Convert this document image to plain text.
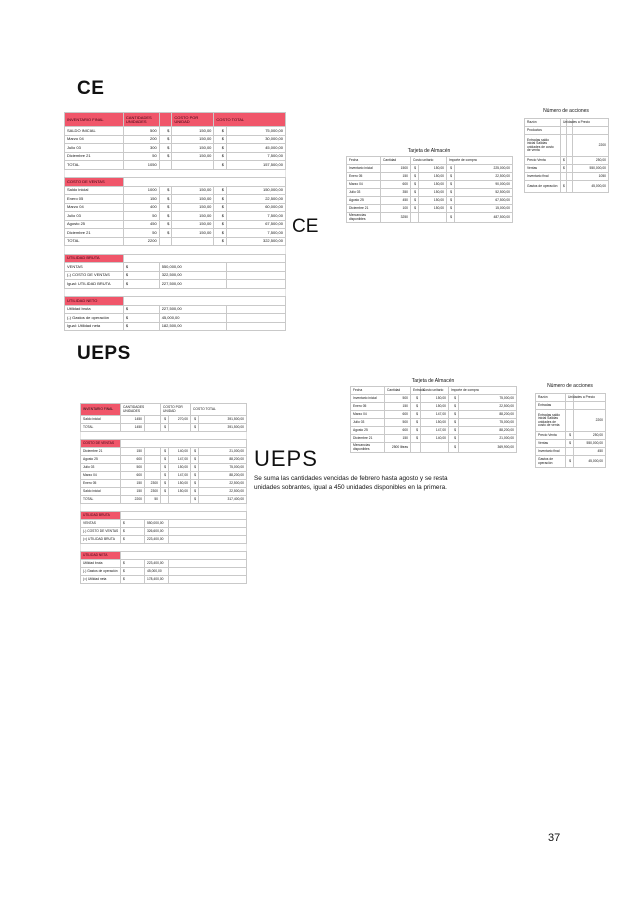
CE
UEPS
INVENTARIO FINAL	CANTIDADES UNIDADES		COSTO POR UNIDAD	COSTO TOTAL	
SALDO INICIAL	500	$	150,00	$	75,000,00
Marzo 04	200	$	150,00	$	30,000,00
Julio 03	300	$	150,00	$	45,000,00
Diciembre 21	50	$	150,00	$	7,500,00
TOTAL	1050			$	157,500,00

COSTO DE VENTAS					
Saldo inicial	1000	$	150,00	$	150,000,00
Enero 05	150	$	150,00	$	22,500,00
Marzo 04	400	$	150,00	$	60,000,00
Julio 03	50	$	150,00	$	7,500,00
Agosto 25	450	$	150,00	$	67,500,00
Diciembre 21	50	$	150,00	$	7,500,00
TOTAL	2200			$	322,500,00

UTILIDAD BRUTA					
VENTAS	$	550,000,00			
(-) COSTO DE VENTAS	$	322,500,00			
Igual: UTILIDAD BRUTA	$	227,500,00			

UTILIDAD NETO					
Utilidad bruta	$	227,500,00			
(-) Gastos de operación	$	45,000,00			
Igual: Utilidad neta	$	182,500,00			
CE
Tarjeta de Almacén
Fecha	Cantidad	Costo unitario		Importe de compra	
Inventario inicial	1500	$	150,00	$	225,000,00
Enero 05	150	$	150,00	$	22,500,00
Marzo 04	600	$	150,00	$	90,000,00
Julio 03	350	$	150,00	$	52,500,00
Agosto 25	450	$	150,00	$	67,500,00
Diciembre 21	100	$	150,00	$	15,000,00
Mercancías disponibles	3250			$	487,500,00
Número de acciones
Razón	Unidades a Precio		
Productos			
Entradas saldo inicial Salidas unidades de costo de venta			2200
Precio Venta	$		250,00
Ventas	$		550,000,00
Inventario final			1050
Gastos de operación	$		45,000,00
INVENTARIO FINAL	CANTIDADES UNIDADES		COSTO POR UNIDAD		COSTO TOTAL	
Saldo inicial	1450		$	270,00	$	391,500,00
TOTAL	1450		$		$	391,500,00

COSTO DE VENTAS						
Diciembre 21	150		$	140,00	$	21,000,00
Agosto 25	600		$	147,00	$	88,200,00
Julio 03	500		$	150,00	$	75,000,00
Marzo 04	600		$	147,00	$	88,200,00
Enero 05	150	2300	$	150,00	$	22,500,00
Saldo inicial	150	2300	$	150,00	$	22,500,00
TOTAL	2200	50			$	317,400,00

UTILIDAD BRUTA						
VENTAS	$	550,000,00				
(-) COSTO DE VENTAS	$	326,600,00				
(=) UTILIDAD BRUTA	$	223,400,00				

UTILIDAD NETA						
Utilidad bruta	$	223,400,00				
(-) Gastos de operación	$	45,000,00				
(=) Utilidad neta	$	178,400,00				
UEPS
Se suma las cantidades vencidas de febrero hasta agosto y se resta unidades sobrantes, igual a 450 unidades disponibles en la primera.
Tarjeta de Almacén
Fecha	Cantidad	Entrada	Costo unitario	Importe de compra	
Inventario inicial	500	$	150,00	$	75,000,00
Enero 05	150	$	150,00	$	22,500,00
Marzo 04	600	$	147,00	$	88,200,00
Julio 03	500	$	150,00	$	75,000,00
Agosto 25	600	$	147,00	$	88,200,00
Diciembre 21	150	$	140,00	$	21,000,00
Mercancías disponibles	2500 libras			$	369,900,00
Número de acciones
Razón	Unidades a Precio	
Entradas		
Entradas saldo inicial Salidas unidades de costo de venta		2200
Precio Venta	$	250,00
Ventas	$	550,000,00
Inventario final		450
Gastos de operación	$	45,000,00
37
